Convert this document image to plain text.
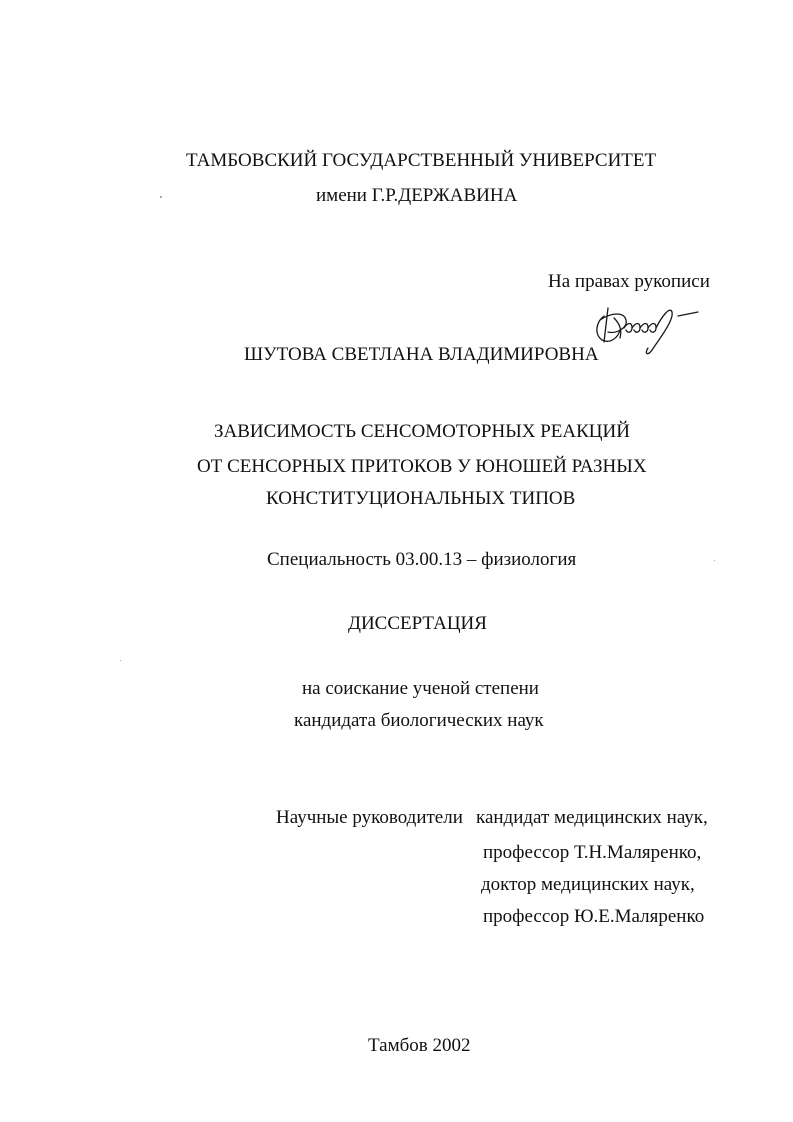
ТАМБОВСКИЙ ГОСУДАРСТВЕННЫЙ УНИВЕРСИТЕТ
имени Г.Р.ДЕРЖАВИНА
На правах рукописи
ШУТОВА СВЕТЛАНА ВЛАДИМИРОВНА
ЗАВИСИМОСТЬ СЕНСОМОТОРНЫХ РЕАКЦИЙ
ОТ СЕНСОРНЫХ ПРИТОКОВ У ЮНОШЕЙ РАЗНЫХ
КОНСТИТУЦИОНАЛЬНЫХ ТИПОВ
Специальность 03.00.13 – физиология
ДИССЕРТАЦИЯ
на соискание ученой степени
кандидата биологических наук
Научные руководители кандидат медицинских наук,
профессор Т.Н.Маляренко,
доктор медицинских наук,
профессор Ю.Е.Маляренко
Тамбов 2002
